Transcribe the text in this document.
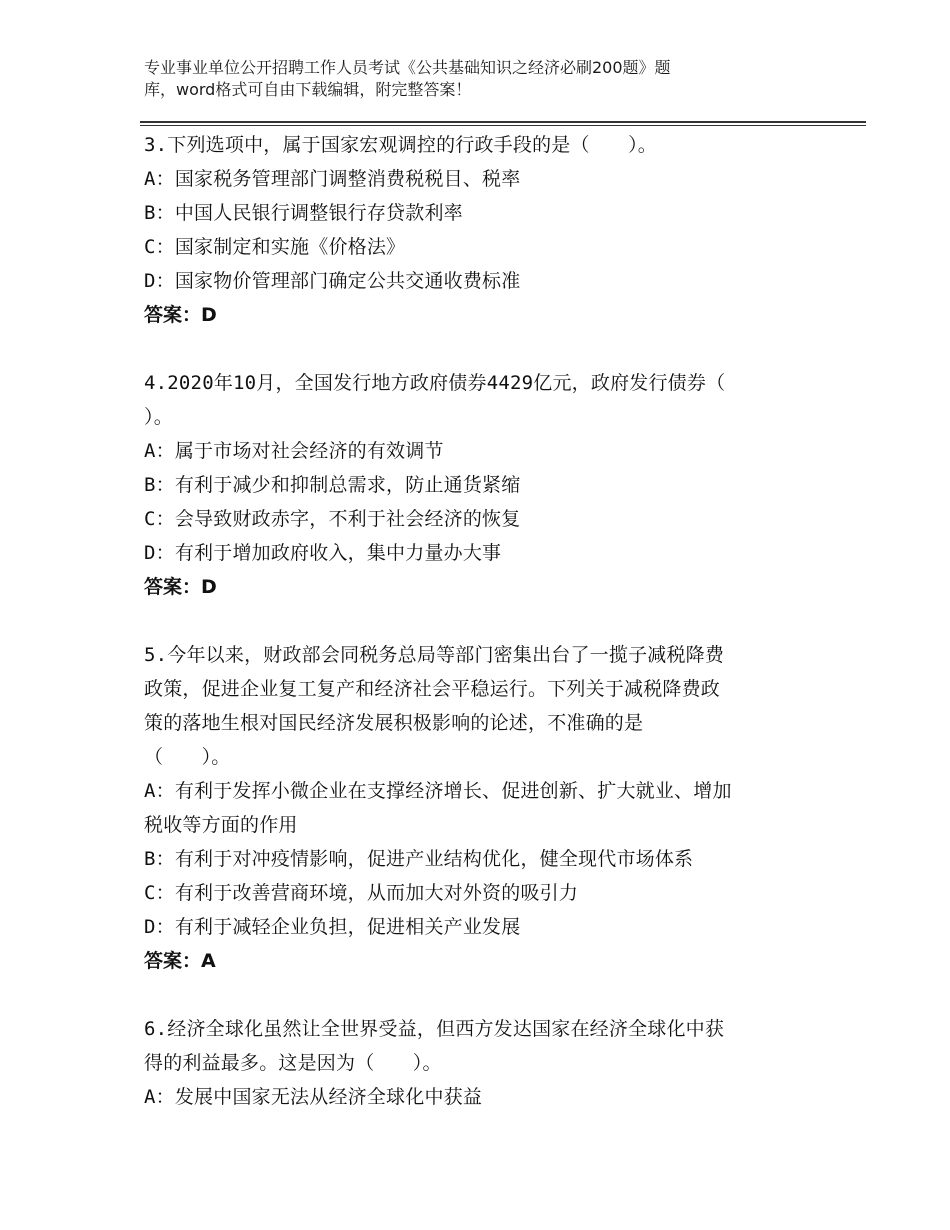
专业事业单位公开招聘工作人员考试《公共基础知识之经济必刷200题》题
库，word格式可自由下载编辑，附完整答案！
3.下列选项中，属于国家宏观调控的行政手段的是（　　）。
A：国家税务管理部门调整消费税税目、税率
B：中国人民银行调整银行存贷款利率
C：国家制定和实施《价格法》
D：国家物价管理部门确定公共交通收费标准
答案：D
4.2020年10月，全国发行地方政府债券4429亿元，政府发行债券（
）。
A：属于市场对社会经济的有效调节
B：有利于减少和抑制总需求，防止通货紧缩
C：会导致财政赤字，不利于社会经济的恢复
D：有利于增加政府收入，集中力量办大事
答案：D
5.今年以来，财政部会同税务总局等部门密集出台了一揽子减税降费
政策，促进企业复工复产和经济社会平稳运行。下列关于减税降费政
策的落地生根对国民经济发展积极影响的论述，不准确的是
（　　）。
A：有利于发挥小微企业在支撑经济增长、促进创新、扩大就业、增加
税收等方面的作用
B：有利于对冲疫情影响，促进产业结构优化，健全现代市场体系
C：有利于改善营商环境，从而加大对外资的吸引力
D：有利于减轻企业负担，促进相关产业发展
答案：A
6.经济全球化虽然让全世界受益，但西方发达国家在经济全球化中获
得的利益最多。这是因为（　　）。
A：发展中国家无法从经济全球化中获益
